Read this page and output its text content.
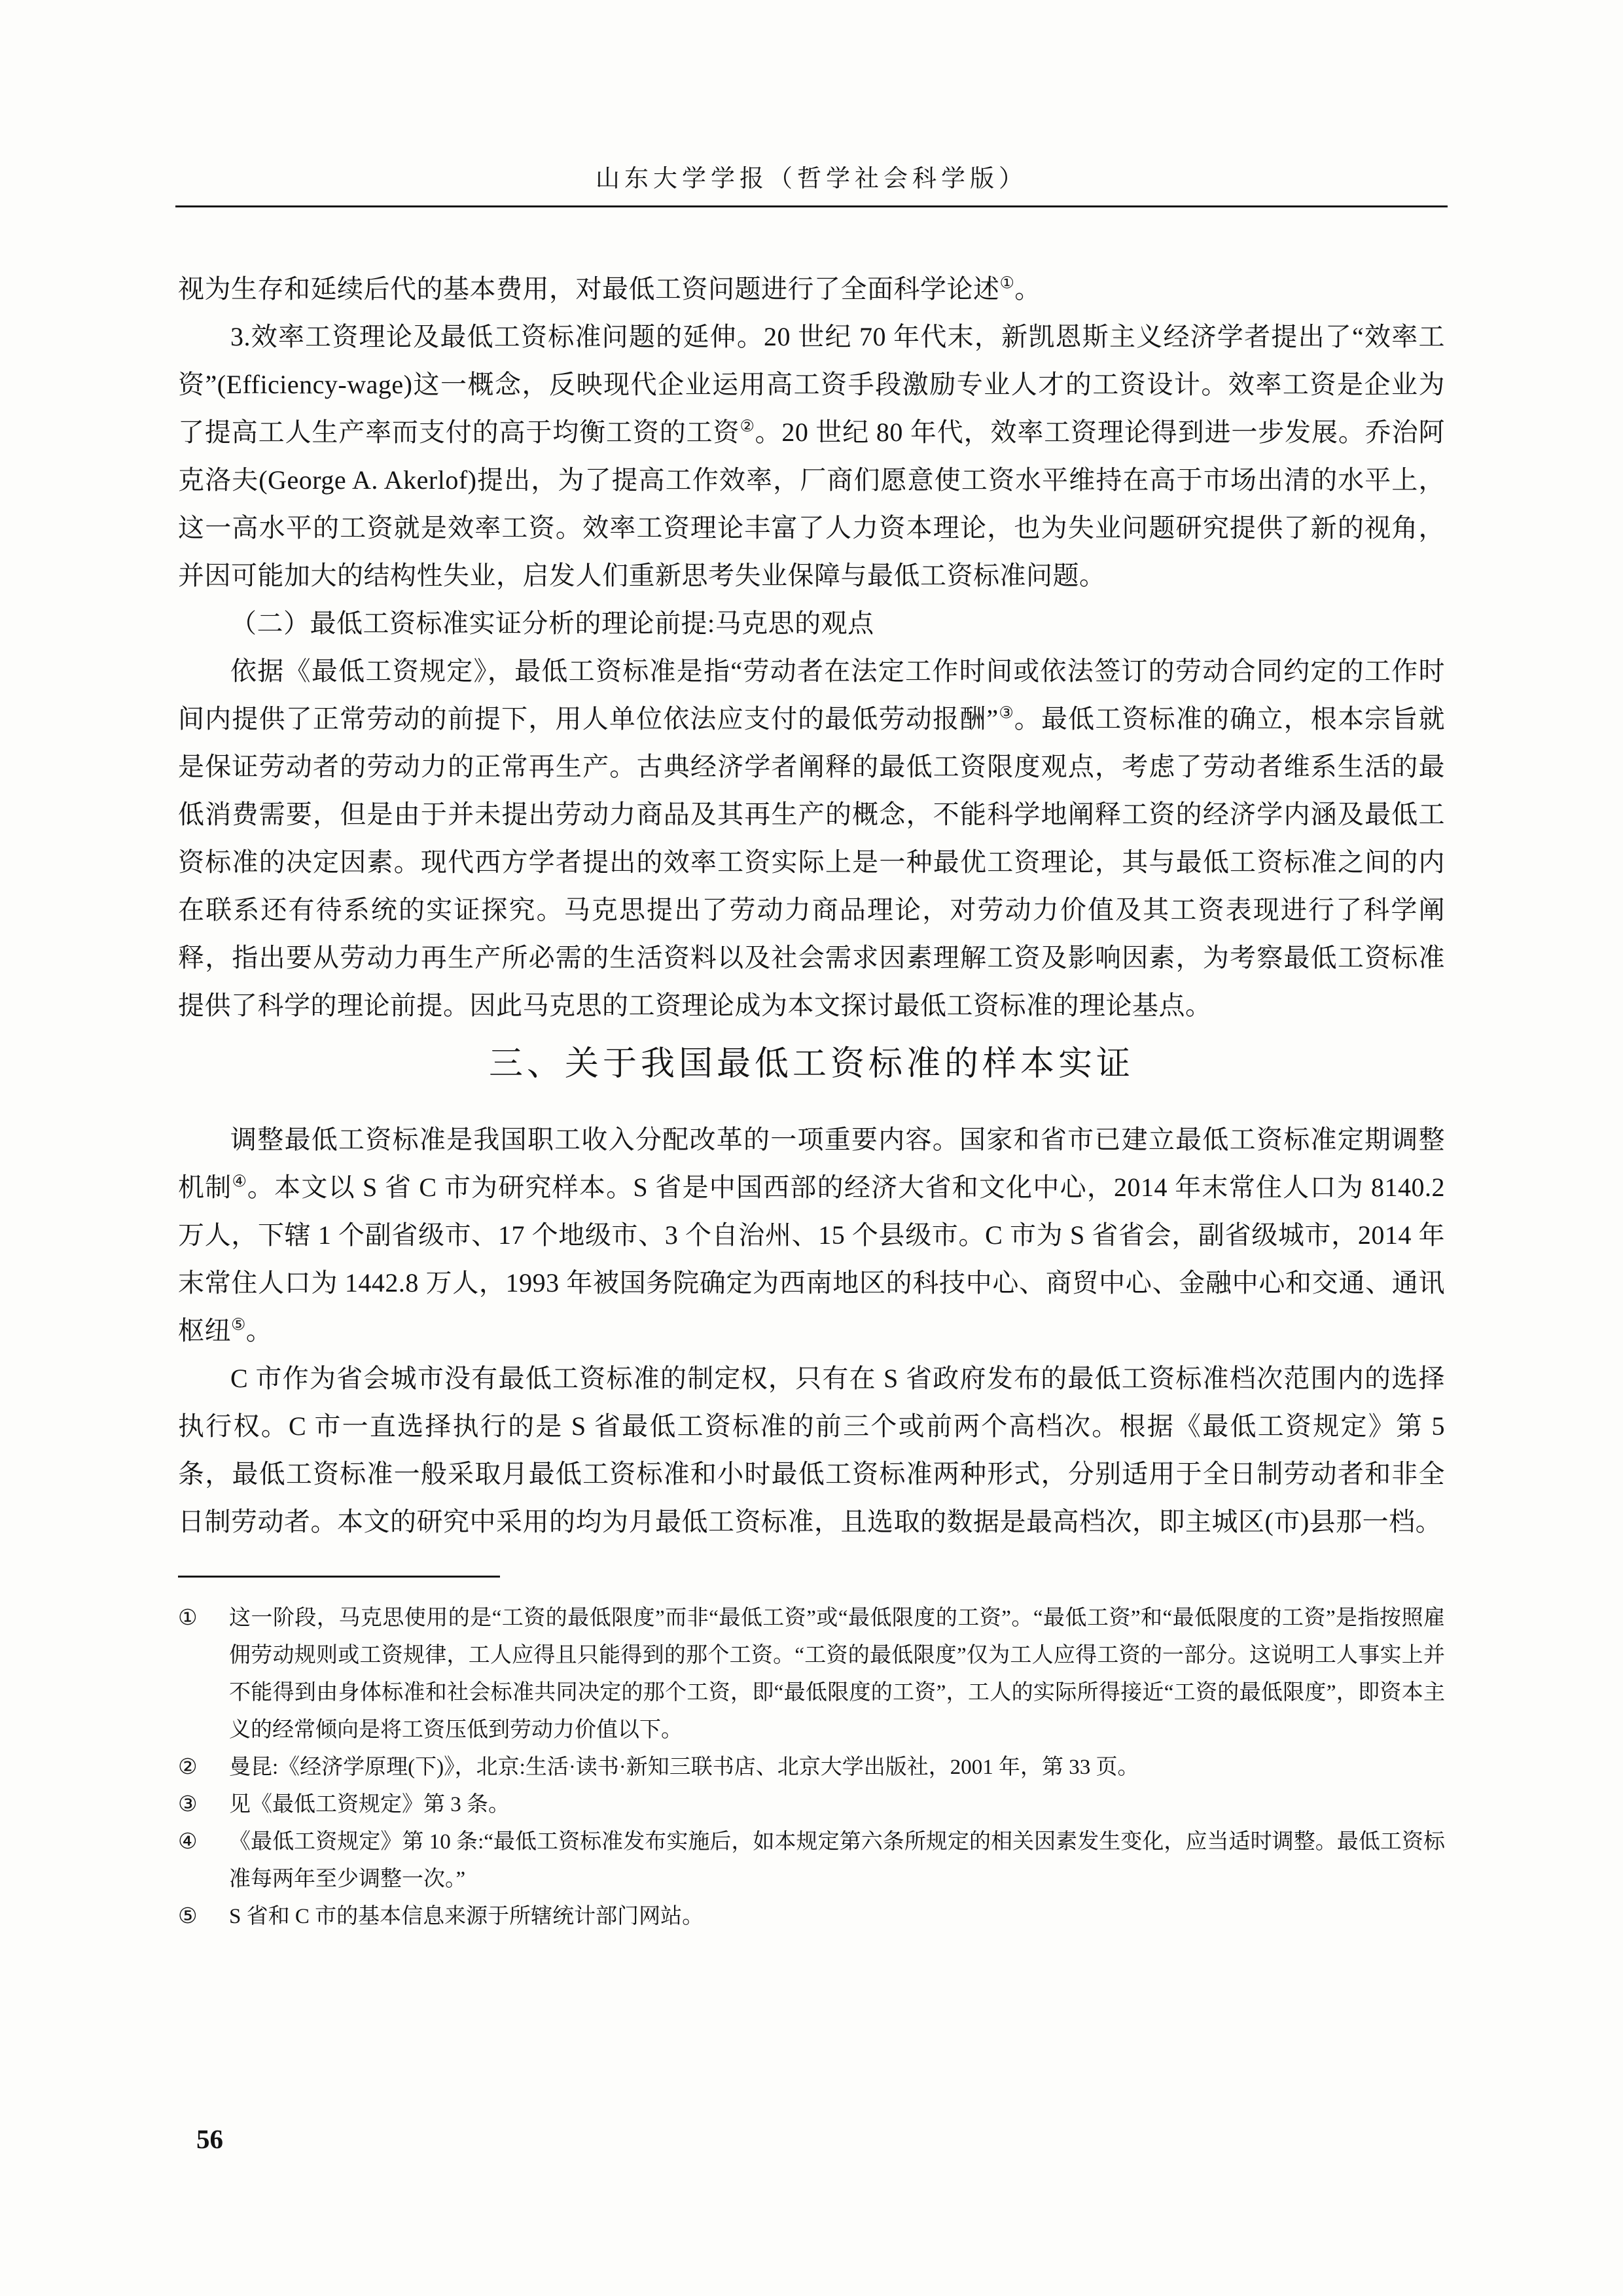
山东大学学报（哲学社会科学版）

视为生存和延续后代的基本费用，对最低工资问题进行了全面科学论述①。

3.效率工资理论及最低工资标准问题的延伸。20 世纪 70 年代末，新凯恩斯主义经济学者提出了“效率工资”(Efficiency-wage)这一概念，反映现代企业运用高工资手段激励专业人才的工资设计。效率工资是企业为了提高工人生产率而支付的高于均衡工资的工资②。20 世纪 80 年代，效率工资理论得到进一步发展。乔治阿克洛夫(George A. Akerlof)提出，为了提高工作效率，厂商们愿意使工资水平维持在高于市场出清的水平上，这一高水平的工资就是效率工资。效率工资理论丰富了人力资本理论，也为失业问题研究提供了新的视角，并因可能加大的结构性失业，启发人们重新思考失业保障与最低工资标准问题。

（二）最低工资标准实证分析的理论前提:马克思的观点

依据《最低工资规定》，最低工资标准是指“劳动者在法定工作时间或依法签订的劳动合同约定的工作时间内提供了正常劳动的前提下，用人单位依法应支付的最低劳动报酬”③。最低工资标准的确立，根本宗旨就是保证劳动者的劳动力的正常再生产。古典经济学者阐释的最低工资限度观点，考虑了劳动者维系生活的最低消费需要，但是由于并未提出劳动力商品及其再生产的概念，不能科学地阐释工资的经济学内涵及最低工资标准的决定因素。现代西方学者提出的效率工资实际上是一种最优工资理论，其与最低工资标准之间的内在联系还有待系统的实证探究。马克思提出了劳动力商品理论，对劳动力价值及其工资表现进行了科学阐释，指出要从劳动力再生产所必需的生活资料以及社会需求因素理解工资及影响因素，为考察最低工资标准提供了科学的理论前提。因此马克思的工资理论成为本文探讨最低工资标准的理论基点。

三、关于我国最低工资标准的样本实证

调整最低工资标准是我国职工收入分配改革的一项重要内容。国家和省市已建立最低工资标准定期调整机制④。本文以 S 省 C 市为研究样本。S 省是中国西部的经济大省和文化中心，2014 年末常住人口为 8140.2 万人，下辖 1 个副省级市、17 个地级市、3 个自治州、15 个县级市。C 市为 S 省省会，副省级城市，2014 年末常住人口为 1442.8 万人，1993 年被国务院确定为西南地区的科技中心、商贸中心、金融中心和交通、通讯枢纽⑤。

C 市作为省会城市没有最低工资标准的制定权，只有在 S 省政府发布的最低工资标准档次范围内的选择执行权。C 市一直选择执行的是 S 省最低工资标准的前三个或前两个高档次。根据《最低工资规定》第 5 条，最低工资标准一般采取月最低工资标准和小时最低工资标准两种形式，分别适用于全日制劳动者和非全日制劳动者。本文的研究中采用的均为月最低工资标准，且选取的数据是最高档次，即主城区(市)县那一档。

①	这一阶段，马克思使用的是“工资的最低限度”而非“最低工资”或“最低限度的工资”。“最低工资”和“最低限度的工资”是指按照雇佣劳动规则或工资规律，工人应得且只能得到的那个工资。“工资的最低限度”仅为工人应得工资的一部分。这说明工人事实上并不能得到由身体标准和社会标准共同决定的那个工资，即“最低限度的工资”，工人的实际所得接近“工资的最低限度”，即资本主义的经常倾向是将工资压低到劳动力价值以下。
②	曼昆:《经济学原理(下)》，北京:生活·读书·新知三联书店、北京大学出版社，2001 年，第 33 页。
③	见《最低工资规定》第 3 条。
④	《最低工资规定》第 10 条:“最低工资标准发布实施后，如本规定第六条所规定的相关因素发生变化，应当适时调整。最低工资标准每两年至少调整一次。”
⑤	S 省和 C 市的基本信息来源于所辖统计部门网站。
56
